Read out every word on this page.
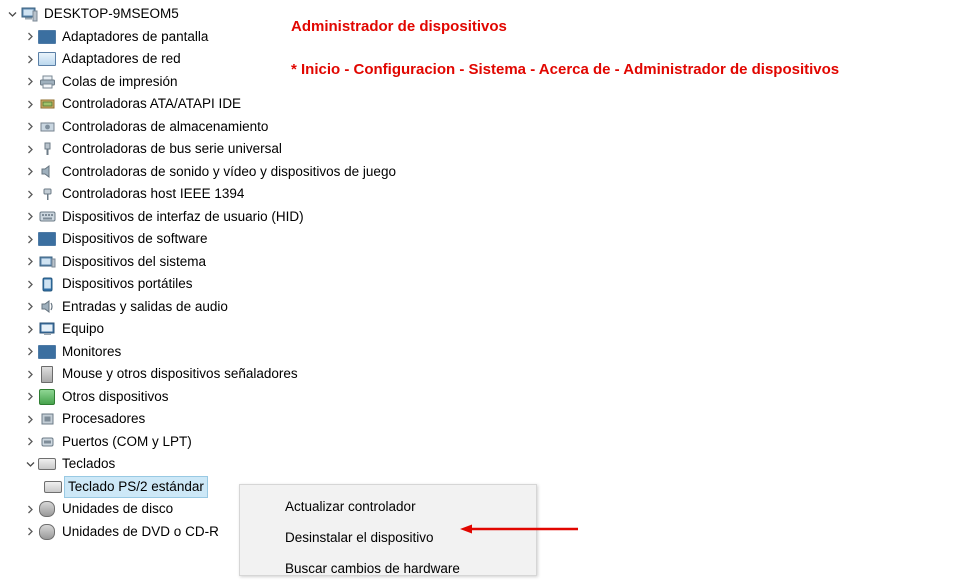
DESKTOP-9MSEOM5
Adaptadores de pantalla
Adaptadores de red
Colas de impresión
Controladoras ATA/ATAPI IDE
Controladoras de almacenamiento
Controladoras de bus serie universal
Controladoras de sonido y vídeo y dispositivos de juego
Controladoras host IEEE 1394
Dispositivos de interfaz de usuario (HID)
Dispositivos de software
Dispositivos del sistema
Dispositivos portátiles
Entradas y salidas de audio
Equipo
Monitores
Mouse y otros dispositivos señaladores
Otros dispositivos
Procesadores
Puertos (COM y LPT)
Teclados
Teclado PS/2 estándar
Unidades de disco
Unidades de DVD o CD-R
Actualizar controlador
Desinstalar el dispositivo
Buscar cambios de hardware
Administrador de dispositivos
* Inicio - Configuracion - Sistema - Acerca de - Administrador de dispositivos
